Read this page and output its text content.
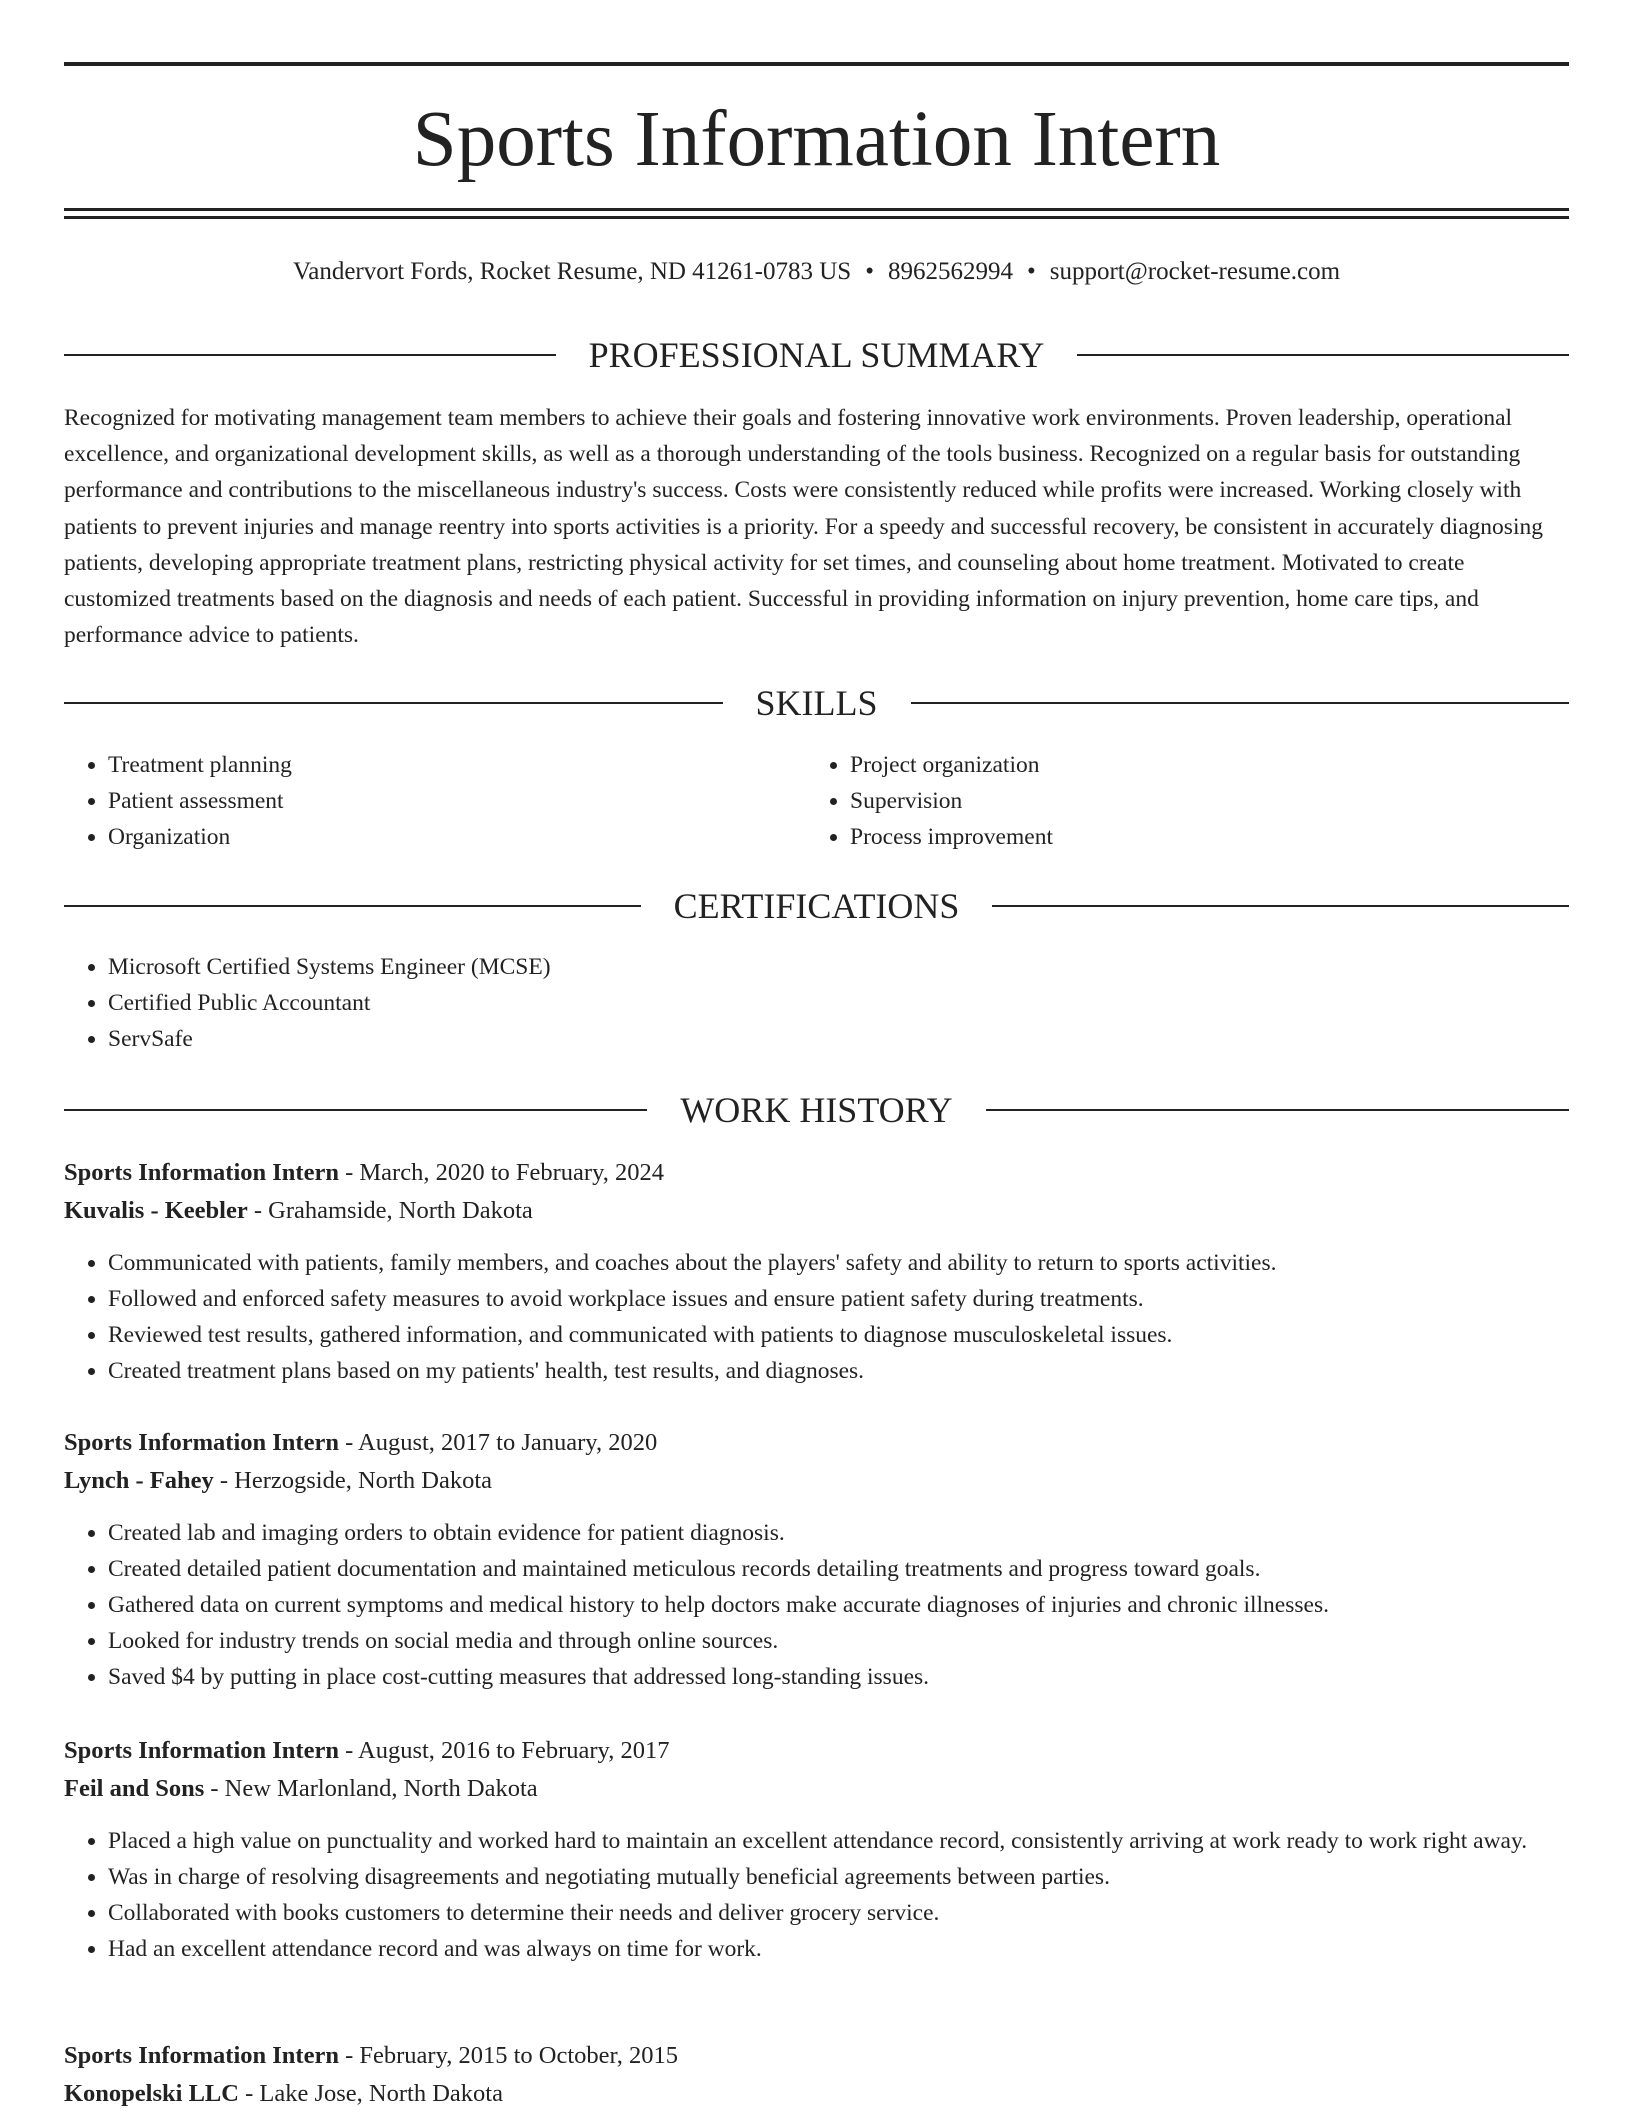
Sports Information Intern
Vandervort Fords, Rocket Resume, ND 41261-0783 US • 8962562994 • support@rocket-resume.com
PROFESSIONAL SUMMARY

Recognized for motivating management team members to achieve their goals and fostering innovative work environments. Proven leadership, operational excellence, and organizational development skills, as well as a thorough understanding of the tools business. Recognized on a regular basis for outstanding performance and contributions to the miscellaneous industry's success. Costs were consistently reduced while profits were increased. Working closely with patients to prevent injuries and manage reentry into sports activities is a priority. For a speedy and successful recovery, be consistent in accurately diagnosing patients, developing appropriate treatment plans, restricting physical activity for set times, and counseling about home treatment. Motivated to create customized treatments based on the diagnosis and needs of each patient. Successful in providing information on injury prevention, home care tips, and performance advice to patients.

SKILLS
• Treatment planning
• Patient assessment
• Organization
• Project organization
• Supervision
• Process improvement
CERTIFICATIONS
• Microsoft Certified Systems Engineer (MCSE)
• Certified Public Accountant
• ServSafe
WORK HISTORY

Sports Information Intern - March, 2020 to February, 2024

Kuvalis - Keebler - Grahamside, North Dakota

• Communicated with patients, family members, and coaches about the players' safety and ability to return to sports activities.
• Followed and enforced safety measures to avoid workplace issues and ensure patient safety during treatments.
• Reviewed test results, gathered information, and communicated with patients to diagnose musculoskeletal issues.
• Created treatment plans based on my patients' health, test results, and diagnoses.

Sports Information Intern - August, 2017 to January, 2020

Lynch - Fahey - Herzogside, North Dakota

• Created lab and imaging orders to obtain evidence for patient diagnosis.
• Created detailed patient documentation and maintained meticulous records detailing treatments and progress toward goals.
• Gathered data on current symptoms and medical history to help doctors make accurate diagnoses of injuries and chronic illnesses.
• Looked for industry trends on social media and through online sources.
• Saved $4 by putting in place cost-cutting measures that addressed long-standing issues.

Sports Information Intern - August, 2016 to February, 2017

Feil and Sons - New Marlonland, North Dakota

• Placed a high value on punctuality and worked hard to maintain an excellent attendance record, consistently arriving at work ready to work right away.
• Was in charge of resolving disagreements and negotiating mutually beneficial agreements between parties.
• Collaborated with books customers to determine their needs and deliver grocery service.
• Had an excellent attendance record and was always on time for work.

Sports Information Intern - February, 2015 to October, 2015

Konopelski LLC - Lake Jose, North Dakota
